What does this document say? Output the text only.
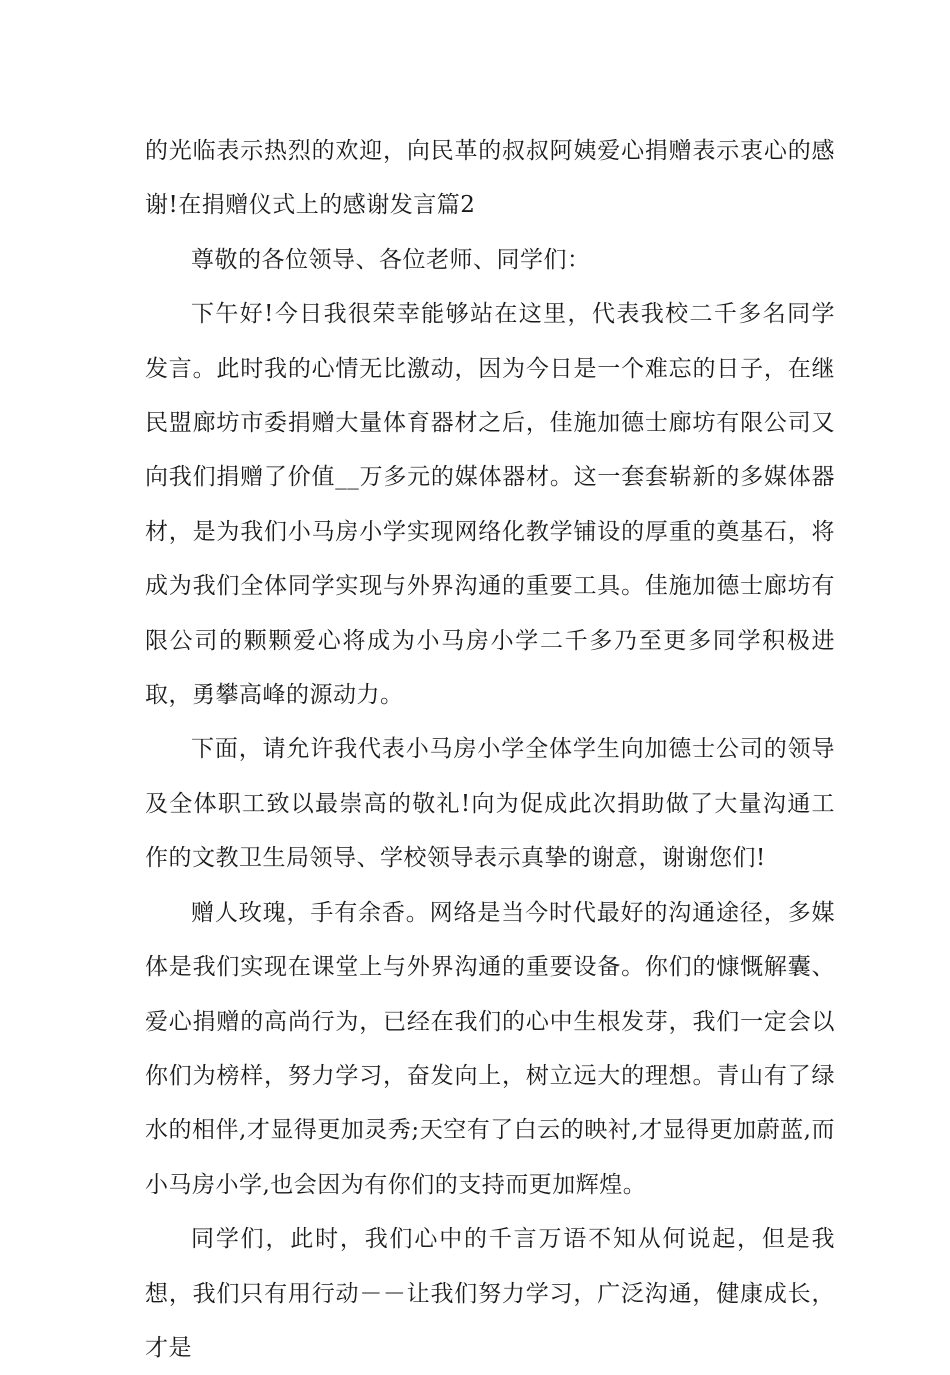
的光临表示热烈的欢迎，向民革的叔叔阿姨爱心捐赠表示衷心的感谢!在捐赠仪式上的感谢发言篇2

尊敬的各位领导、各位老师、同学们：

下午好!今日我很荣幸能够站在这里，代表我校二千多名同学发言。此时我的心情无比激动，因为今日是一个难忘的日子，在继民盟廊坊市委捐赠大量体育器材之后，佳施加德士廊坊有限公司又向我们捐赠了价值__万多元的媒体器材。这一套套崭新的多媒体器材，是为我们小马房小学实现网络化教学铺设的厚重的奠基石，将成为我们全体同学实现与外界沟通的重要工具。佳施加德士廊坊有限公司的颗颗爱心将成为小马房小学二千多乃至更多同学积极进取，勇攀高峰的源动力。

下面，请允许我代表小马房小学全体学生向加德士公司的领导及全体职工致以最崇高的敬礼!向为促成此次捐助做了大量沟通工作的文教卫生局领导、学校领导表示真挚的谢意，谢谢您们!

赠人玫瑰，手有余香。网络是当今时代最好的沟通途径，多媒体是我们实现在课堂上与外界沟通的重要设备。你们的慷慨解囊、爱心捐赠的高尚行为，已经在我们的心中生根发芽，我们一定会以你们为榜样，努力学习，奋发向上，树立远大的理想。青山有了绿水的相伴,才显得更加灵秀;天空有了白云的映衬,才显得更加蔚蓝,而小马房小学,也会因为有你们的支持而更加辉煌。

同学们，此时，我们心中的千言万语不知从何说起，但是我想，我们只有用行动－－让我们努力学习，广泛沟通，健康成长，才是
